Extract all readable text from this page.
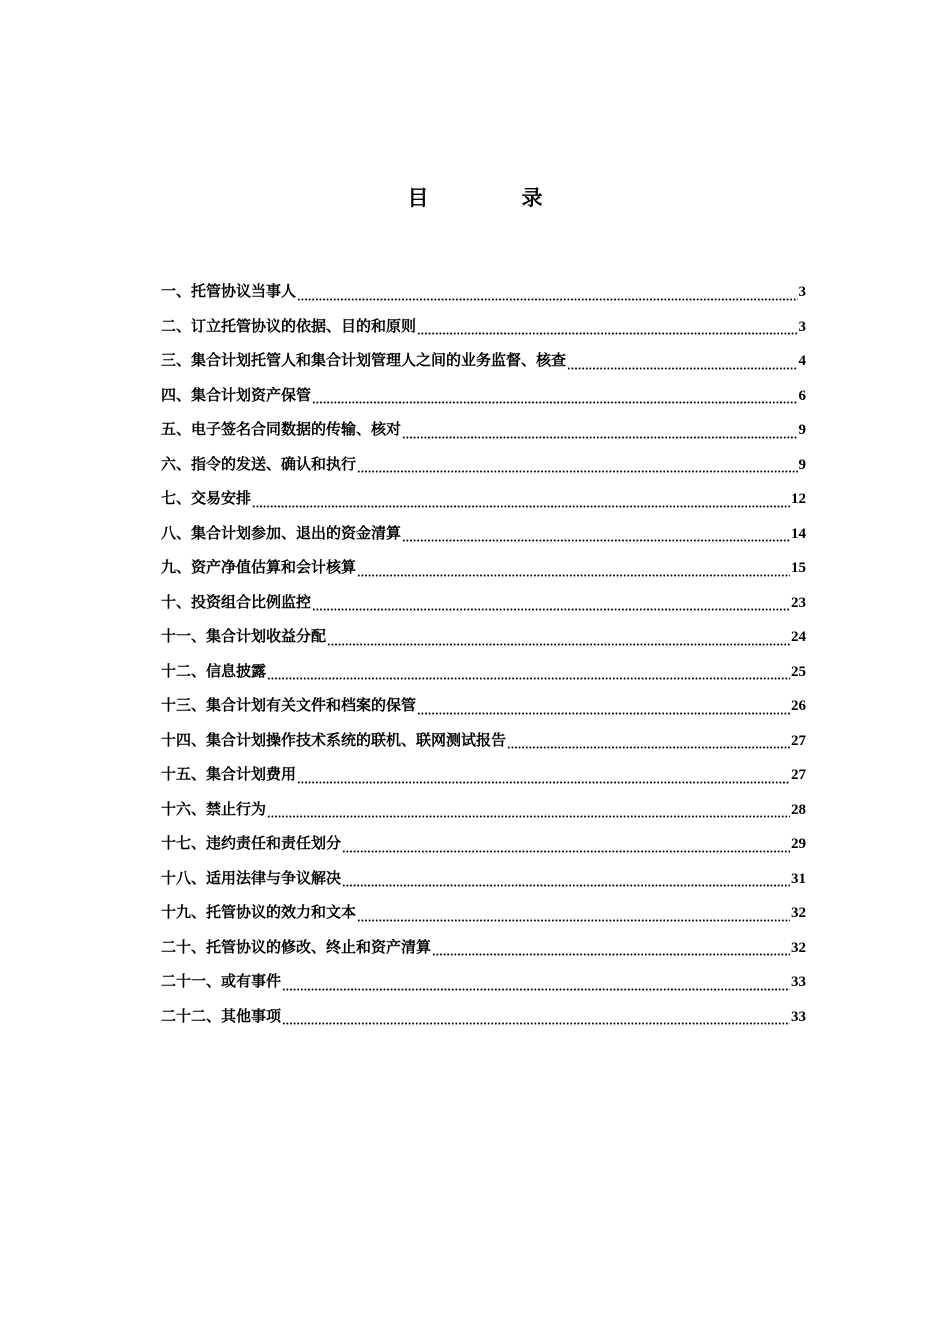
目　录
一、托管协议当事人	3
二、订立托管协议的依据、目的和原则	3
三、集合计划托管人和集合计划管理人之间的业务监督、核查	4
四、集合计划资产保管	6
五、电子签名合同数据的传输、核对	9
六、指令的发送、确认和执行	9
七、交易安排	12
八、集合计划参加、退出的资金清算	14
九、资产净值估算和会计核算	15
十、投资组合比例监控	23
十一、集合计划收益分配	24
十二、信息披露	25
十三、集合计划有关文件和档案的保管	26
十四、集合计划操作技术系统的联机、联网测试报告	27
十五、集合计划费用	27
十六、禁止行为	28
十七、违约责任和责任划分	29
十八、适用法律与争议解决	31
十九、托管协议的效力和文本	32
二十、托管协议的修改、终止和资产清算	32
二十一、或有事件	33
二十二、其他事项	33
